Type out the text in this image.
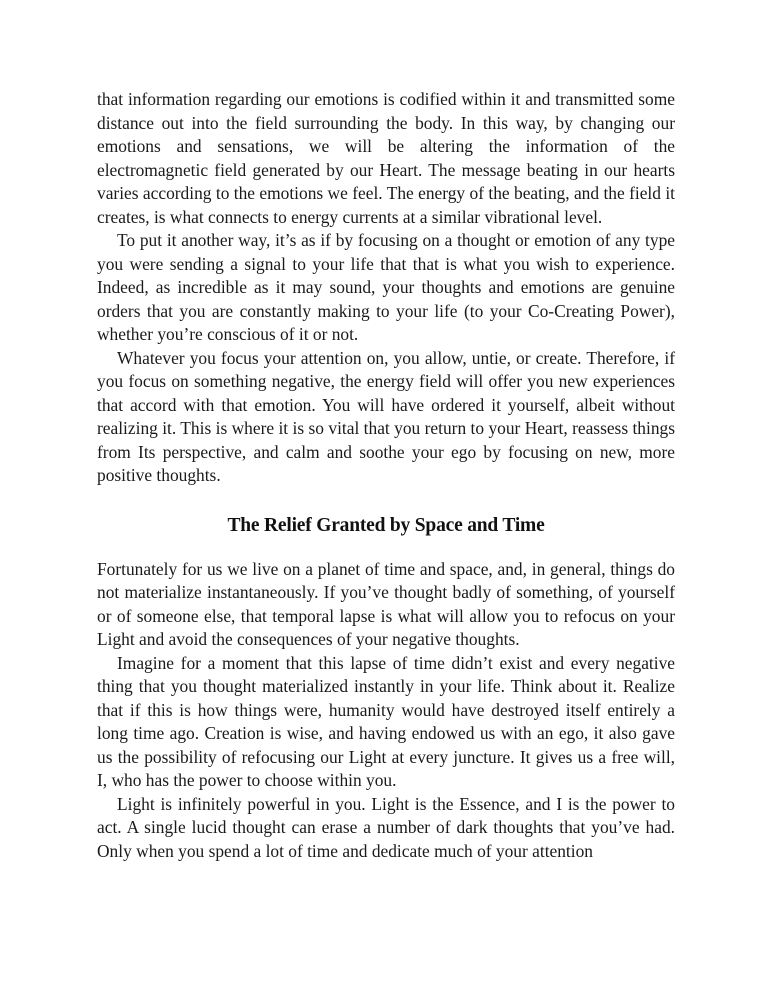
that information regarding our emotions is codified within it and transmitted some distance out into the field surrounding the body. In this way, by changing our emotions and sensations, we will be altering the information of the electromagnetic field generated by our Heart. The message beating in our hearts varies according to the emotions we feel. The energy of the beating, and the field it creates, is what connects to energy currents at a similar vibrational level.

To put it another way, it’s as if by focusing on a thought or emotion of any type you were sending a signal to your life that that is what you wish to experience. Indeed, as incredible as it may sound, your thoughts and emotions are genuine orders that you are constantly making to your life (to your Co-Creating Power), whether you’re conscious of it or not.

Whatever you focus your attention on, you allow, untie, or create. Therefore, if you focus on something negative, the energy field will offer you new experiences that accord with that emotion. You will have ordered it yourself, albeit without realizing it. This is where it is so vital that you return to your Heart, reassess things from Its perspective, and calm and soothe your ego by focusing on new, more positive thoughts.

The Relief Granted by Space and Time

Fortunately for us we live on a planet of time and space, and, in general, things do not materialize instantaneously. If you’ve thought badly of something, of yourself or of someone else, that temporal lapse is what will allow you to refocus on your Light and avoid the consequences of your negative thoughts.

Imagine for a moment that this lapse of time didn’t exist and every negative thing that you thought materialized instantly in your life. Think about it. Realize that if this is how things were, humanity would have destroyed itself entirely a long time ago. Creation is wise, and having endowed us with an ego, it also gave us the possibility of refocusing our Light at every juncture. It gives us a free will, I, who has the power to choose within you.

Light is infinitely powerful in you. Light is the Essence, and I is the power to act. A single lucid thought can erase a number of dark thoughts that you’ve had. Only when you spend a lot of time and dedicate much of your attention
